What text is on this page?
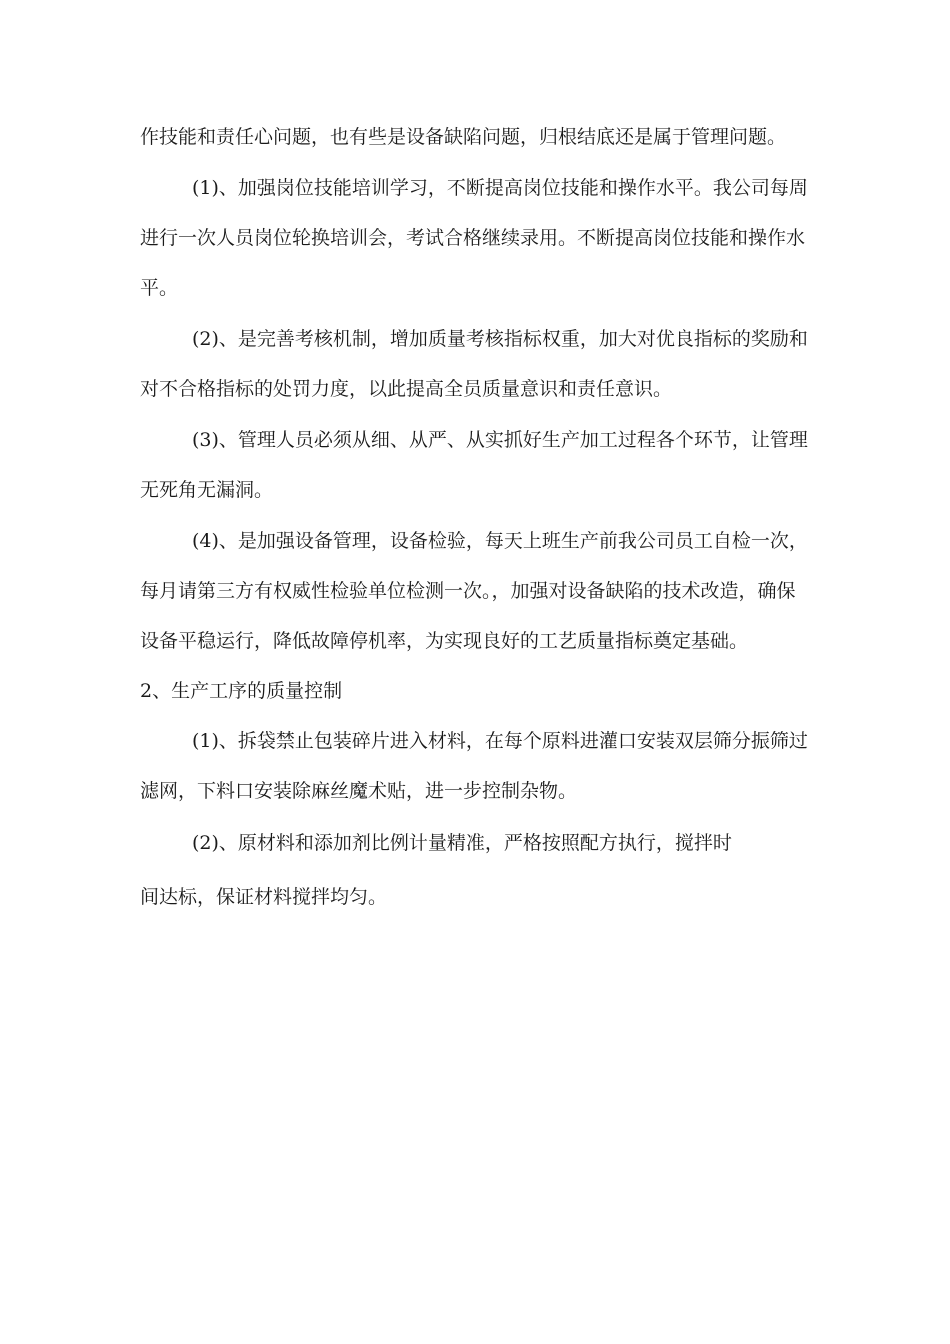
作技能和责任心问题，也有些是设备缺陷问题，归根结底还是属于管理问题。
(1)、加强岗位技能培训学习，不断提高岗位技能和操作水平。我公司每周
进行一次人员岗位轮换培训会，考试合格继续录用。不断提高岗位技能和操作水
平。
(2)、是完善考核机制，增加质量考核指标权重，加大对优良指标的奖励和
对不合格指标的处罚力度，以此提高全员质量意识和责任意识。
(3)、管理人员必须从细、从严、从实抓好生产加工过程各个环节，让管理
无死角无漏洞。
(4)、是加强设备管理，设备检验，每天上班生产前我公司员工自检一次，
每月请第三方有权威性检验单位检测一次。，加强对设备缺陷的技术改造，确保
设备平稳运行，降低故障停机率，为实现良好的工艺质量指标奠定基础。
2、生产工序的质量控制
(1)、拆袋禁止包装碎片进入材料，在每个原料进灌口安装双层筛分振筛过
滤网，下料口安装除麻丝魔术贴，进一步控制杂物。
(2)、原材料和添加剂比例计量精准，严格按照配方执行，搅拌时
间达标，保证材料搅拌均匀。
